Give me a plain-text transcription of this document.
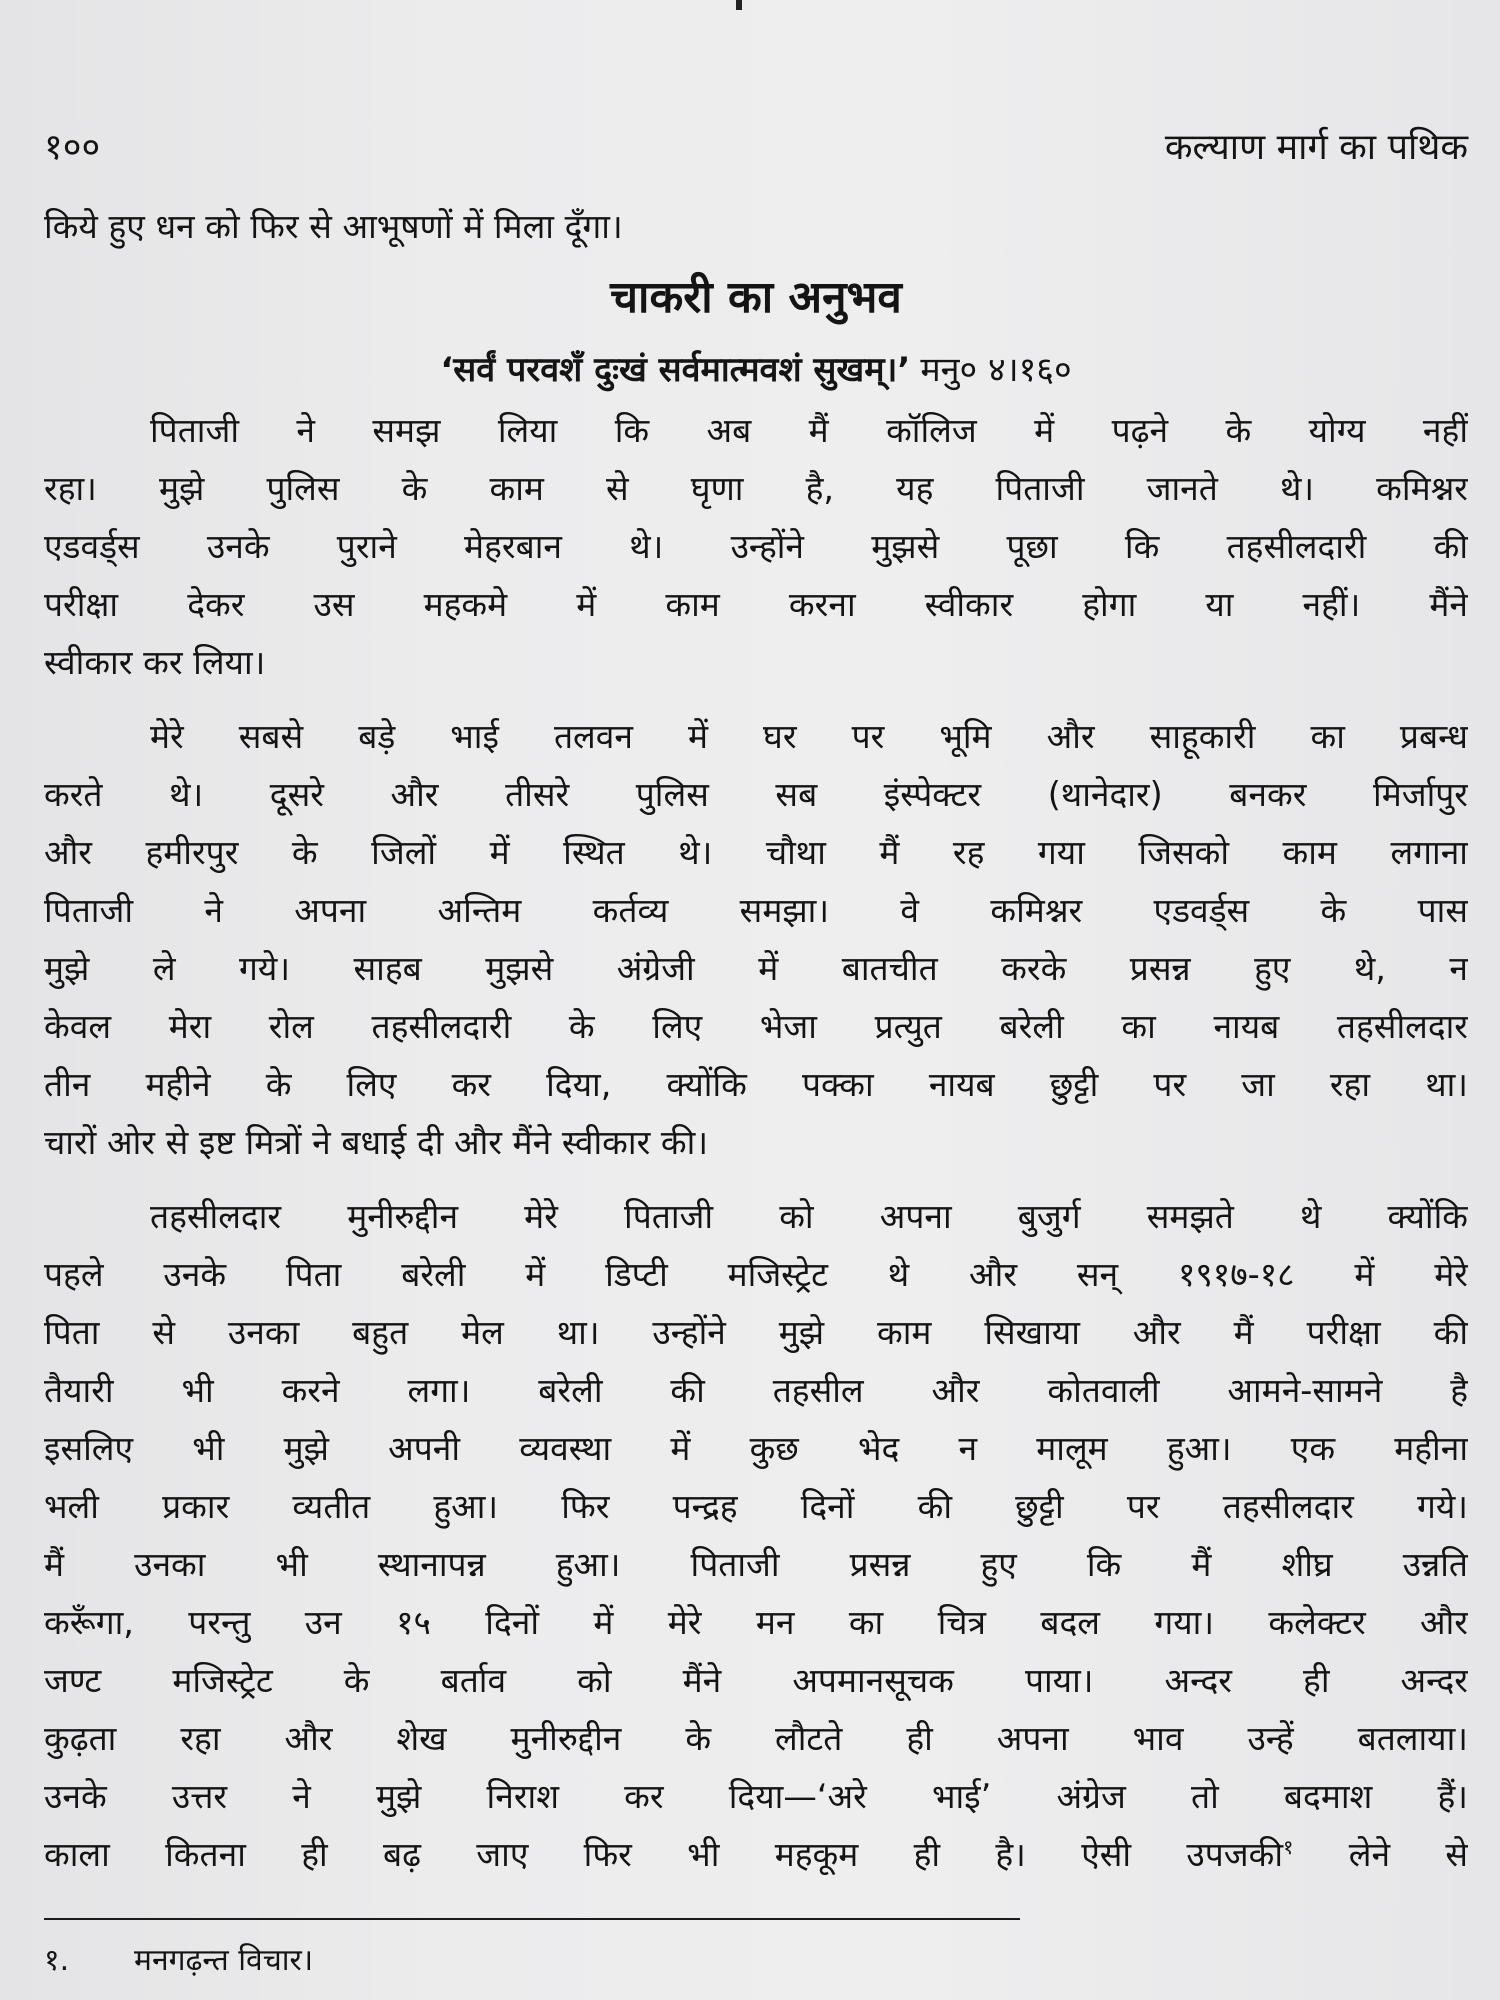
१००	कल्याण मार्ग का पथिक
किये हुए धन को फिर से आभूषणों में मिला दूँगा।
चाकरी का अनुभव
‘सर्वं परवशँ दुःखं सर्वमात्मवशं सुखम्।’ मनु० ४।१६०
पिताजी ने समझ लिया कि अब मैं कॉलिज में पढ़ने के योग्य नहीं
रहा। मुझे पुलिस के काम से घृणा है, यह पिताजी जानते थे। कमिश्नर
एडवर्ड्स उनके पुराने मेहरबान थे। उन्होंने मुझसे पूछा कि तहसीलदारी की
परीक्षा देकर उस महकमे में काम करना स्वीकार होगा या नहीं। मैंने
स्वीकार कर लिया।
मेरे सबसे बड़े भाई तलवन में घर पर भूमि और साहूकारी का प्रबन्ध
करते थे। दूसरे और तीसरे पुलिस सब इंस्पेक्टर (थानेदार) बनकर मिर्जापुर
और हमीरपुर के जिलों में स्थित थे। चौथा मैं रह गया जिसको काम लगाना
पिताजी ने अपना अन्तिम कर्तव्य समझा। वे कमिश्नर एडवर्ड्स के पास
मुझे ले गये। साहब मुझसे अंग्रेजी में बातचीत करके प्रसन्न हुए थे, न
केवल मेरा रोल तहसीलदारी के लिए भेजा प्रत्युत बरेली का नायब तहसीलदार
तीन महीने के लिए कर दिया, क्योंकि पक्का नायब छुट्टी पर जा रहा था।
चारों ओर से इष्ट मित्रों ने बधाई दी और मैंने स्वीकार की।
तहसीलदार मुनीरुद्दीन मेरे पिताजी को अपना बुजुर्ग समझते थे क्योंकि
पहले उनके पिता बरेली में डिप्टी मजिस्ट्रेट थे और सन् १९१७-१८ में मेरे
पिता से उनका बहुत मेल था। उन्होंने मुझे काम सिखाया और मैं परीक्षा की
तैयारी भी करने लगा। बरेली की तहसील और कोतवाली आमने-सामने है
इसलिए भी मुझे अपनी व्यवस्था में कुछ भेद न मालूम हुआ। एक महीना
भली प्रकार व्यतीत हुआ। फिर पन्द्रह दिनों की छुट्टी पर तहसीलदार गये।
मैं उनका भी स्थानापन्न हुआ। पिताजी प्रसन्न हुए कि मैं शीघ्र उन्नति
करूँगा, परन्तु उन १५ दिनों में मेरे मन का चित्र बदल गया। कलेक्टर और
जण्ट मजिस्ट्रेट के बर्ताव को मैंने अपमानसूचक पाया। अन्दर ही अन्दर
कुढ़ता रहा और शेख मुनीरुद्दीन के लौटते ही अपना भाव उन्हें बतलाया।
उनके उत्तर ने मुझे निराश कर दिया—‘अरे भाई’ अंग्रेज तो बदमाश हैं।
काला कितना ही बढ़ जाए फिर भी महकूम ही है। ऐसी उपजकी$^१$ लेने से
१. मनगढ़न्त विचार।
